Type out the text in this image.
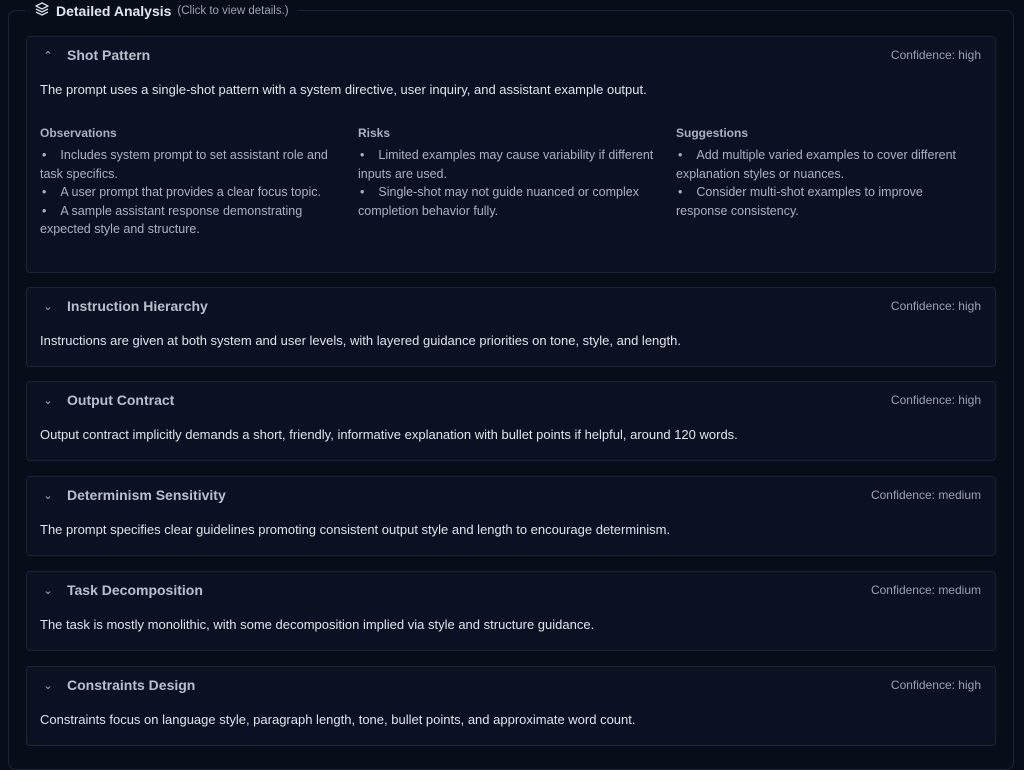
Detailed Analysis (Click to view details.)
⌃ Shot Pattern	Confidence: high
The prompt uses a single-shot pattern with a system directive, user inquiry, and assistant example output.
Observations
• Includes system prompt to set assistant role and task specifics.
• A user prompt that provides a clear focus topic.
• A sample assistant response demonstrating expected style and structure.
Risks
• Limited examples may cause variability if different inputs are used.
• Single-shot may not guide nuanced or complex completion behavior fully.
Suggestions
• Add multiple varied examples to cover different explanation styles or nuances.
• Consider multi-shot examples to improve response consistency.
⌄ Instruction Hierarchy	Confidence: high
Instructions are given at both system and user levels, with layered guidance priorities on tone, style, and length.
⌄ Output Contract	Confidence: high
Output contract implicitly demands a short, friendly, informative explanation with bullet points if helpful, around 120 words.
⌄ Determinism Sensitivity	Confidence: medium
The prompt specifies clear guidelines promoting consistent output style and length to encourage determinism.
⌄ Task Decomposition	Confidence: medium
The task is mostly monolithic, with some decomposition implied via style and structure guidance.
⌄ Constraints Design	Confidence: high
Constraints focus on language style, paragraph length, tone, bullet points, and approximate word count.
